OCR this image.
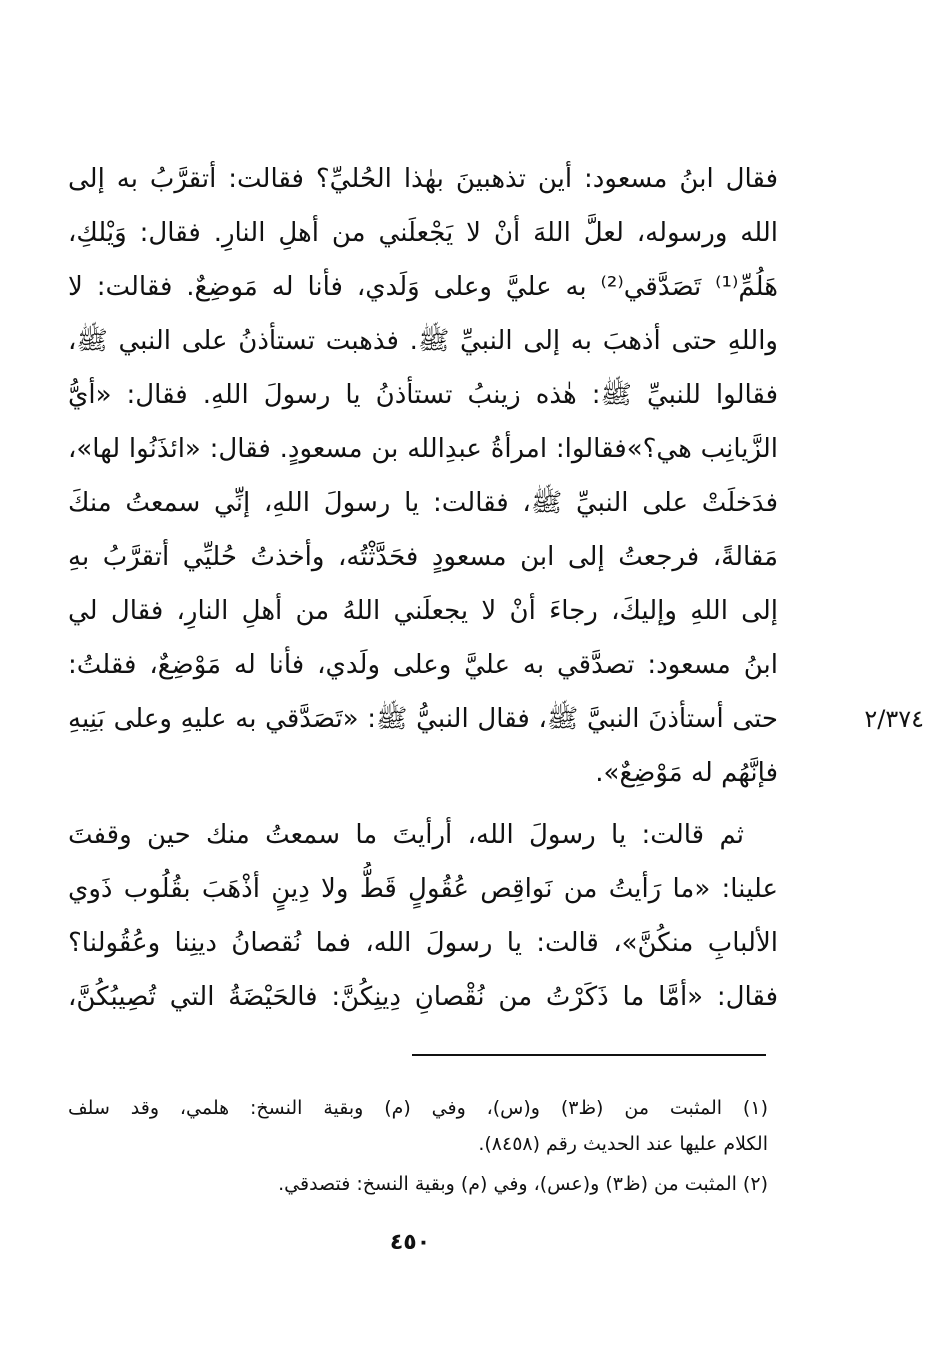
فقال ابنُ مسعود: أين تذهبينَ بهٰذا الحُليِّ؟ فقالت: أتقرَّبُ به إلى
الله ورسوله، لعلَّ اللهَ أنْ لا يَجْعلَني من أهلِ النارِ. فقال: وَيْلكِ،
هَلُمِّ⁽¹⁾ تَصَدَّقي⁽²⁾ به عليَّ وعلى وَلَدي، فأنا له مَوضِعٌ. فقالت: لا
واللهِ حتى أذهبَ به إلى النبيِّ ﷺ. فذهبت تستأذنُ على النبي ﷺ،
فقالوا للنبيِّ ﷺ: هٰذه زينبُ تستأذنُ يا رسولَ اللهِ. فقال: «أيُّ
الزَّيانِب هي؟»فقالوا: امرأةُ عبدِالله بن مسعودٍ. فقال: «ائذَنُوا لها»،
فدَخلَتْ على النبيِّ ﷺ، فقالت: يا رسولَ اللهِ، إنِّي سمعتُ منكَ
مَقالةً، فرجعتُ إلى ابن مسعودٍ فحَدَّثْتُه، وأخذتُ حُليِّي أتقرَّبُ بهِ
إلى اللهِ وإليكَ، رجاءَ أنْ لا يجعلَني اللهُ من أهلِ النارِ، فقال لي
ابنُ مسعود: تصدَّقي به عليَّ وعلى ولَدي، فأنا له مَوْضِعٌ، فقلتُ:
حتى أستأذنَ النبيَّ ﷺ، فقال النبيُّ ﷺ: «تَصَدَّقي به عليهِ وعلى بَنِيهِ
فإنَّهُم له مَوْضِعٌ».
ثم قالت: يا رسولَ الله، أرأيتَ ما سمعتُ منك حين وقفتَ
علينا: «ما رَأيتُ من نَواقِص عُقُولٍ قَطُّ ولا دِينٍ أذْهَبَ بقُلُوب ذَوي
الألبابِ منكُنَّ»، قالت: يا رسولَ الله، فما نُقصانُ دينِنا وعُقُولنا؟
فقال: «أمَّا ما ذَكَرْتُ من نُقْصانِ دِينِكُنَّ: فالحَيْضَةُ التي تُصِيبُكُنَّ،
٢/٣٧٤
(١) المثبت من (ظ٣) و(س)، وفي (م) وبقية النسخ: هلمي، وقد سلف
الكلام عليها عند الحديث رقم (٨٤٥٨).
(٢) المثبت من (ظ٣) و(عس)، وفي (م) وبقية النسخ: فتصدقي.
٤٥٠
